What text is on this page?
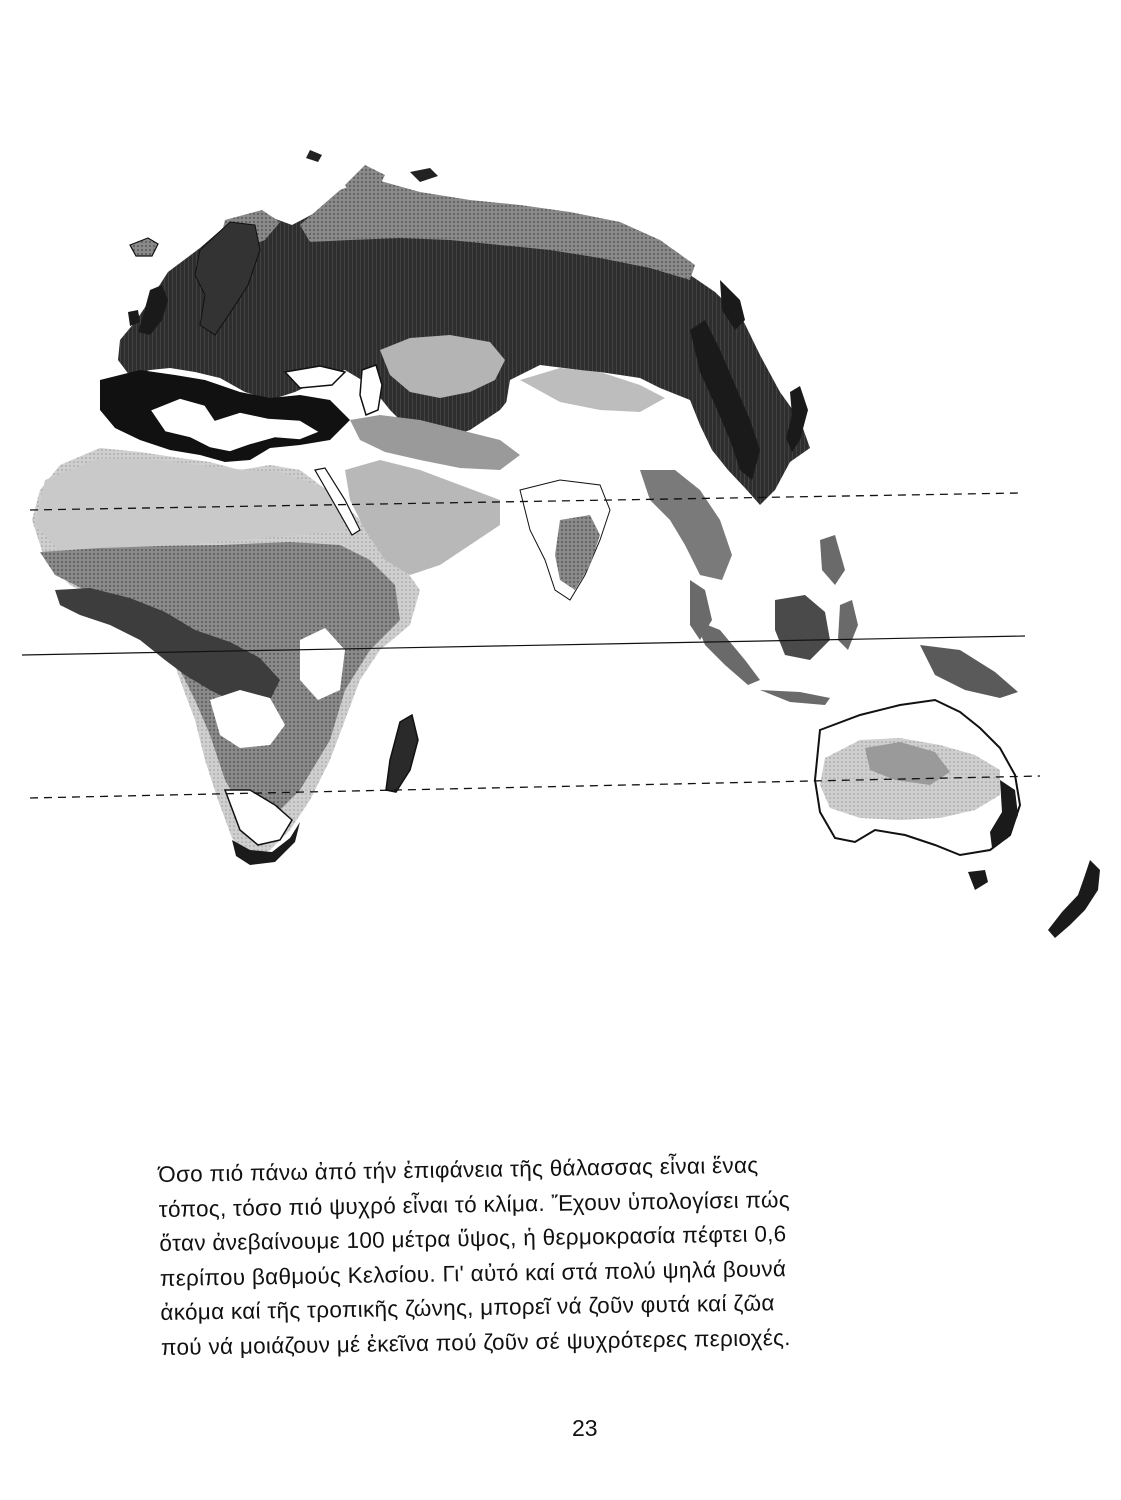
Όσο πιό πάνω ἀπό τήν ἐπιφάνεια τῆς θάλασσας εἶναι ἕνας
τόπος, τόσο πιό ψυχρό εἶναι τό κλίμα. Ἔχουν ὑπολογίσει πώς
ὅταν ἀνεβαίνουμε 100 μέτρα ὕψος, ἡ θερμοκρασία πέφτει 0,6
περίπου βαθμούς Κελσίου. Γι' αὐτό καί στά πολύ ψηλά βουνά
ἀκόμα καί τῆς τροπικῆς ζώνης, μπορεῖ νά ζοῦν φυτά καί ζῶα
πού νά μοιάζουν μέ ἐκεῖνα πού ζοῦν σέ ψυχρότερες περιοχές.
23
